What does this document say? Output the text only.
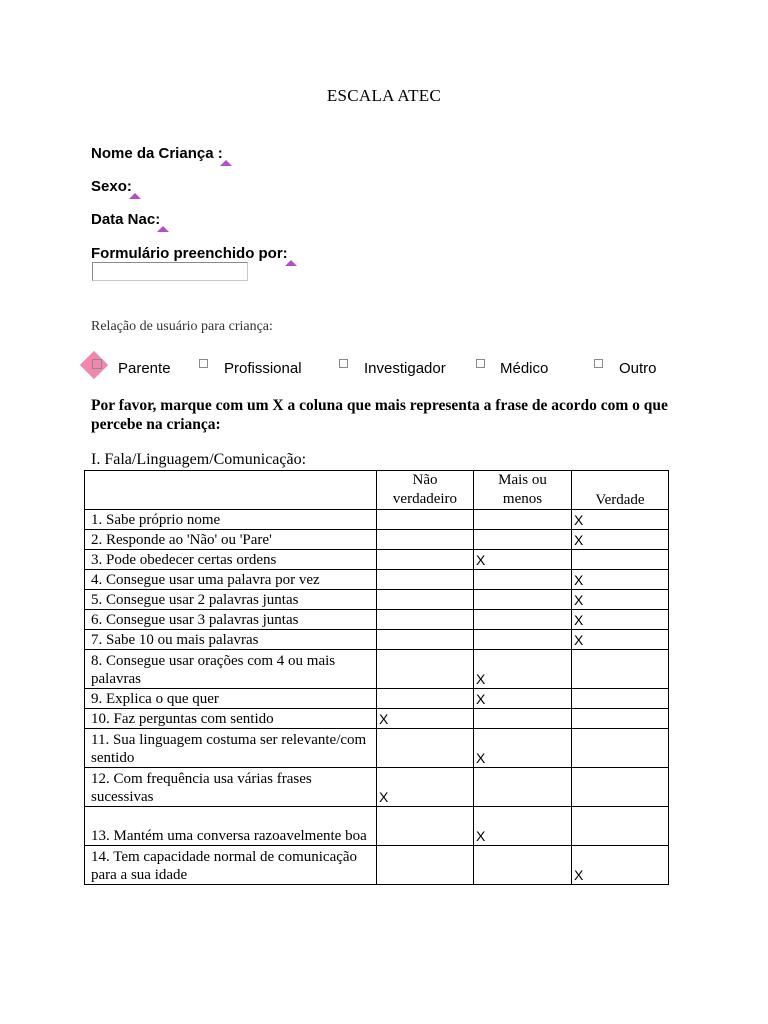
ESCALA ATEC
Nome da Criança :
Sexo:
Data Nac:
Formulário preenchido por:
Relação de usuário para criança:
Parente	Profissional	Investigador	Médico	Outro
Por favor, marque com um X a coluna que mais representa a frase de acordo com o que percebe na criança:
I. Fala/Linguagem/Comunicação:
	Não verdadeiro	Mais ou menos	Verdade
1. Sabe próprio nome			X
2. Responde ao 'Não' ou 'Pare'			X
3. Pode obedecer certas ordens		X	
4. Consegue usar uma palavra por vez			X
5. Consegue usar 2 palavras juntas			X
6. Consegue usar 3 palavras juntas			X
7. Sabe 10 ou mais palavras			X
8. Consegue usar orações com 4 ou mais palavras		X	
9. Explica o que quer		X	
10. Faz perguntas com sentido	X		
11. Sua linguagem costuma ser relevante/com sentido		X	
12. Com frequência usa várias frases sucessivas	X		
13. Mantém uma conversa razoavelmente boa		X	
14. Tem capacidade normal de comunicação para a sua idade			X
